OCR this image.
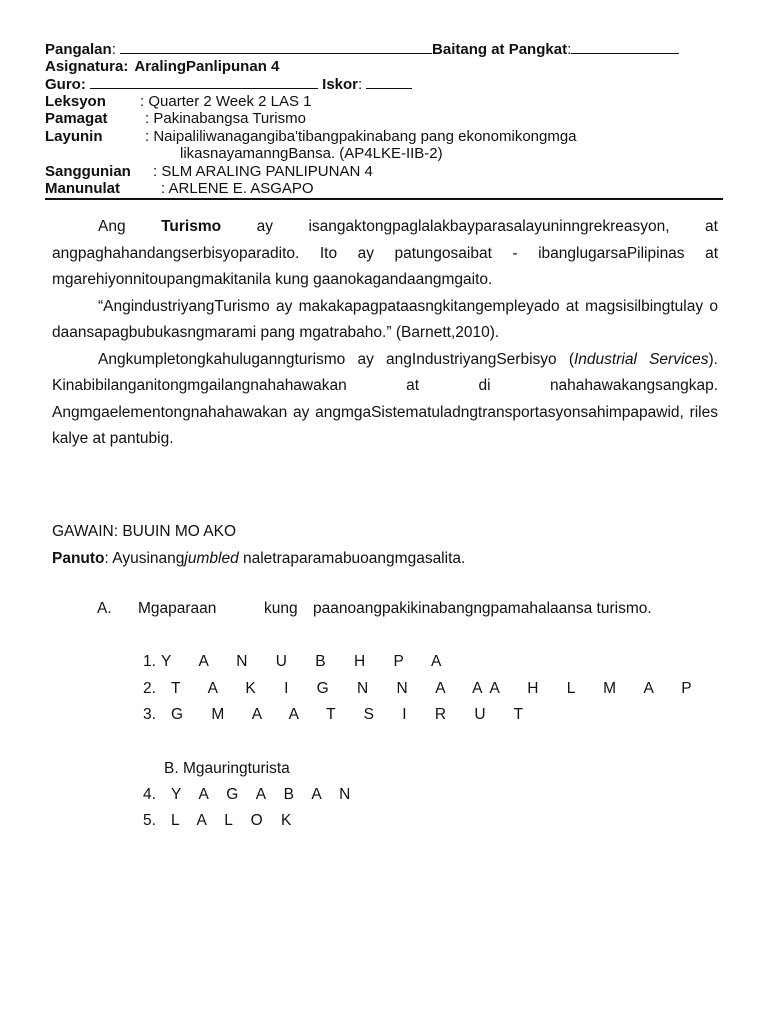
Pangalan:	Baitang at Pangkat:
Asignatura: AralingPanlipunan 4
Guro:	Iskor:
Leksyon : Quarter 2 Week 2 LAS 1
Pamagat : Pakinabangsa Turismo
Layunin	: Naipaliliwanagangiba'tibangpakinabang pang ekonomikongmga
likasnayamanngBansa. (AP4LKE-IIB-2)
Sanggunian : SLM ARALING PANLIPUNAN 4
Manunulat	: ARLENE E. ASGAPO

Ang Turismo ay isangaktongpaglalakbayparasalayuninngrekreasyon, at angpaghahandangserbisyoparadito. Ito ay patungosaibat - ibanglugarsaPilipinas at mgarehiyonnitoupangmakitanila kung gaanokagandaangmgaito.

“AngindustriyangTurismo ay makakapagpataasngkitangempleyado at magsisilbingtulay o daansapagbubukasngmarami pang mgatrabaho.” (Barnett,2010).

Angkumpletongkahuluganngturismo ay angIndustriyangSerbisyo (Industrial Services). Kinabibilanganitongmgailangnahahawakan at di nahahawakangsangkap. Angmgaelementongnahahawakan ay angmgaSistematuladngtransportasyonsahimpapawid, riles kalye at pantubig.

GAWAIN: BUUIN MO AKO
Panuto: Ayusinangjumbled naletraparamabuoangmgasalita.
A. Mgaparaan	kung paanoangpakikinabangngpamahalaansa turismo.
1. Y A N U B H P A
2. T A K I G N N A AA H L M A P
3. G M A A T S I R U T
B. Mgauringturista
4. Y A G A B A N
5. L A L O K
